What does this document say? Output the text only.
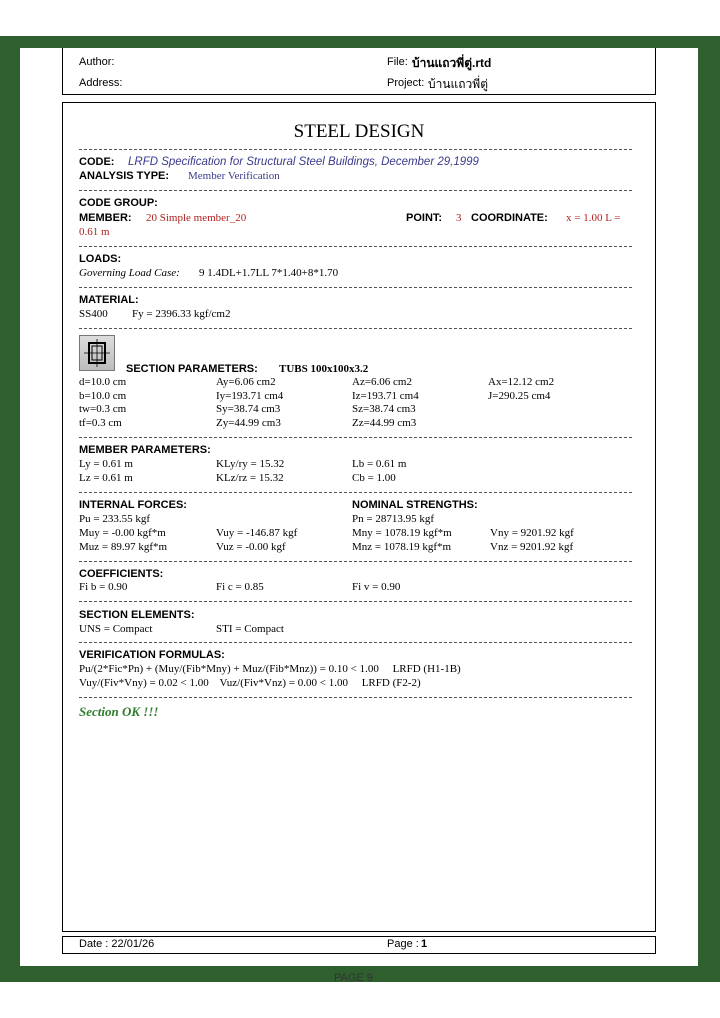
Author:
Address:
File: บ้านแถวพี่ตู่.rtd
Project: บ้านแถวพี่ตู่
STEEL DESIGN
CODE: LRFD Specification for Structural Steel Buildings, December 29,1999
ANALYSIS TYPE: Member Verification
CODE GROUP:
MEMBER: 20 Simple member_20	POINT: 3 COORDINATE: x = 1.00 L =
0.61 m
LOADS:
Governing Load Case: 9 1.4DL+1.7LL 7*1.40+8*1.70
MATERIAL:
SS400 Fy = 2396.33 kgf/cm2
SECTION PARAMETERS: TUBS 100x100x3.2
d=10.0 cm	Ay=6.06 cm2	Az=6.06 cm2	Ax=12.12 cm2
b=10.0 cm	Iy=193.71 cm4	Iz=193.71 cm4	J=290.25 cm4
tw=0.3 cm	Sy=38.74 cm3	Sz=38.74 cm3
tf=0.3 cm	Zy=44.99 cm3	Zz=44.99 cm3
MEMBER PARAMETERS:
Ly = 0.61 m	KLy/ry = 15.32	Lb = 0.61 m
Lz = 0.61 m	KLz/rz = 15.32	Cb = 1.00
INTERNAL FORCES:	NOMINAL STRENGTHS:
Pu = 233.55 kgf	Pn = 28713.95 kgf
Muy = -0.00 kgf*m	Vuy = -146.87 kgf	Mny = 1078.19 kgf*m	Vny = 9201.92 kgf
Muz = 89.97 kgf*m	Vuz = -0.00 kgf	Mnz = 1078.19 kgf*m	Vnz = 9201.92 kgf
COEFFICIENTS:
Fi b = 0.90	Fi c = 0.85	Fi v = 0.90
SECTION ELEMENTS:
UNS = Compact	STI = Compact
VERIFICATION FORMULAS:
Pu/(2*Fic*Pn) + (Muy/(Fib*Mny) + Muz/(Fib*Mnz)) = 0.10 < 1.00     LRFD (H1-1B)
Vuy/(Fiv*Vny) = 0.02 < 1.00    Vuz/(Fiv*Vnz) = 0.00 < 1.00     LRFD (F2-2)
Section OK !!!
Date : 22/01/26	Page : 1
PAGE 9
